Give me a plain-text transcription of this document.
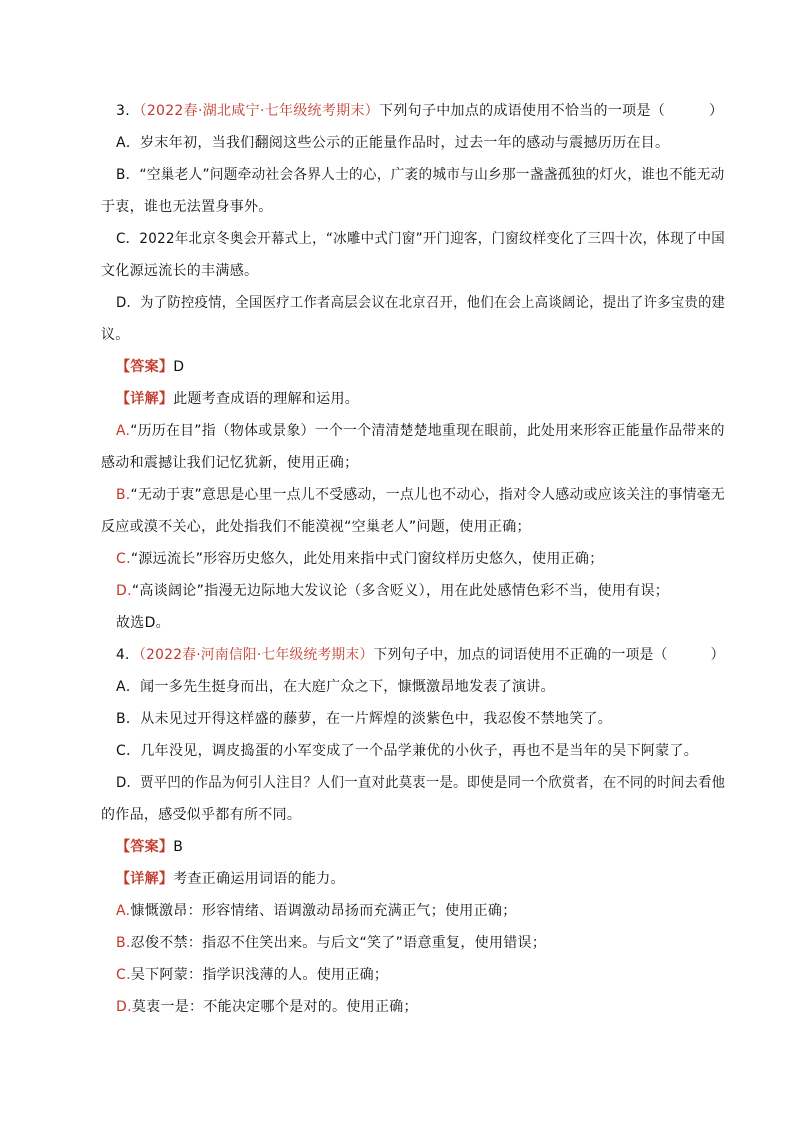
3．（2022春·湖北咸宁·七年级统考期末）下列句子中加点的成语使用不恰当的一项是（	）
A．岁末年初，当我们翻阅这些公示的正能量作品时，过去一年的感动与震撼历历在目。
B．“空巢老人”问题牵动社会各界人士的心，广袤的城市与山乡那一盏盏孤独的灯火，谁也不能无动
于衷，谁也无法置身事外。
C．2022年北京冬奥会开幕式上，“冰雕中式门窗”开门迎客，门窗纹样变化了三四十次，体现了中国
文化源远流长的丰满感。
D．为了防控疫情，全国医疗工作者高层会议在北京召开，他们在会上高谈阔论，提出了许多宝贵的建
议。
【答案】D
【详解】此题考查成语的理解和运用。
A.“历历在目”指（物体或景象）一个一个清清楚楚地重现在眼前，此处用来形容正能量作品带来的
感动和震撼让我们记忆犹新，使用正确；
B.“无动于衷”意思是心里一点儿不受感动，一点儿也不动心，指对令人感动或应该关注的事情毫无
反应或漠不关心，此处指我们不能漠视“空巢老人”问题，使用正确；
C.“源远流长”形容历史悠久，此处用来指中式门窗纹样历史悠久，使用正确；
D.“高谈阔论”指漫无边际地大发议论（多含贬义），用在此处感情色彩不当，使用有误；
故选D。
4．（2022春·河南信阳·七年级统考期末）下列句子中，加点的词语使用不正确的一项是（	）
A．闻一多先生挺身而出，在大庭广众之下，慷慨激昂地发表了演讲。
B．从未见过开得这样盛的藤萝，在一片辉煌的淡紫色中，我忍俊不禁地笑了。
C．几年没见，调皮捣蛋的小军变成了一个品学兼优的小伙子，再也不是当年的吴下阿蒙了。
D．贾平凹的作品为何引人注目？人们一直对此莫衷一是。即使是同一个欣赏者，在不同的时间去看他
的作品，感受似乎都有所不同。
【答案】B
【详解】考查正确运用词语的能力。
A.慷慨激昂：形容情绪、语调激动昂扬而充满正气；使用正确；
B.忍俊不禁：指忍不住笑出来。与后文“笑了”语意重复，使用错误；
C.吴下阿蒙：指学识浅薄的人。使用正确；
D.莫衷一是：不能决定哪个是对的。使用正确；
